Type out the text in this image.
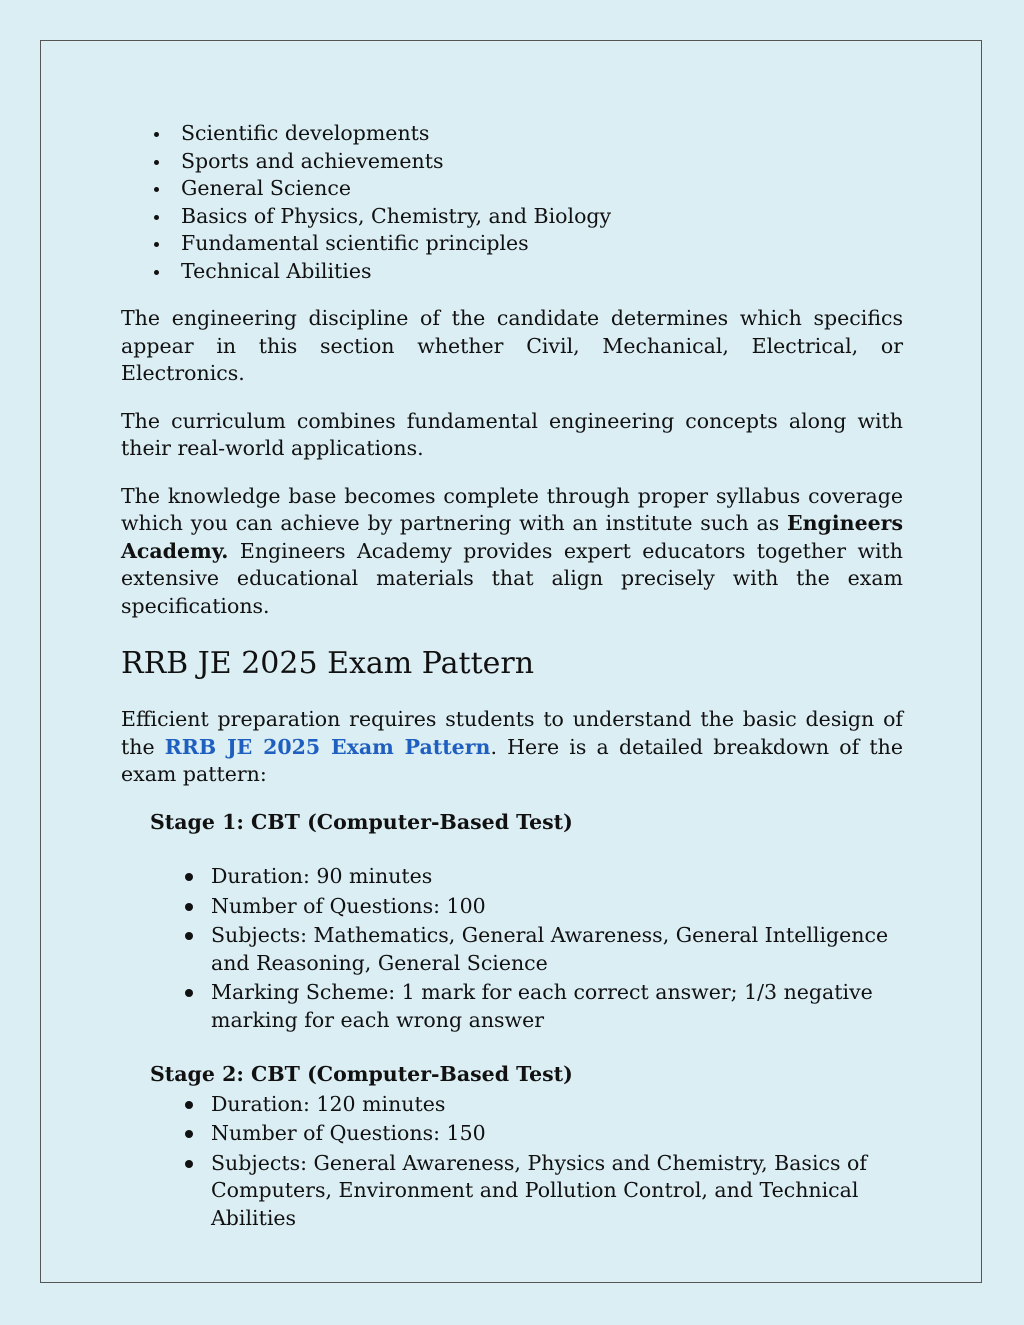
Scientific developments
Sports and achievements
General Science
Basics of Physics, Chemistry, and Biology
Fundamental scientific principles
Technical Abilities

The engineering discipline of the candidate determines which specifics appear in this section whether Civil, Mechanical, Electrical, or Electronics.

The curriculum combines fundamental engineering concepts along with their real-world applications.

The knowledge base becomes complete through proper syllabus coverage which you can achieve by partnering with an institute such as Engineers Academy. Engineers Academy provides expert educators together with extensive educational materials that align precisely with the exam specifications.

RRB JE 2025 Exam Pattern

Efficient preparation requires students to understand the basic design of the RRB JE 2025 Exam Pattern. Here is a detailed breakdown of the exam pattern:

Stage 1: CBT (Computer-Based Test)
Duration: 90 minutes
Number of Questions: 100
Subjects: Mathematics, General Awareness, General Intelligence and Reasoning, General Science
Marking Scheme: 1 mark for each correct answer; 1/3 negative marking for each wrong answer
Stage 2: CBT (Computer-Based Test)
Duration: 120 minutes
Number of Questions: 150
Subjects: General Awareness, Physics and Chemistry, Basics of Computers, Environment and Pollution Control, and Technical Abilities
